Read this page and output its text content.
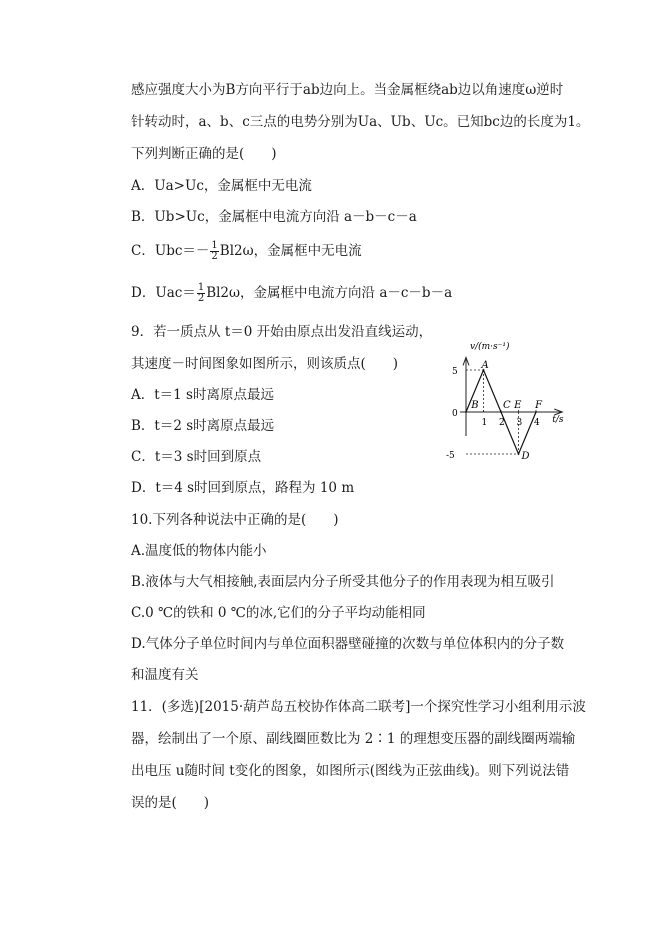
感应强度大小为B方向平行于ab边向上。当金属框绕ab边以角速度ω逆时
针转动时，a、b、c三点的电势分别为Ua、Ub、Uc。已知bc边的长度为1。
下列判断正确的是(　　)
A．Ua>Uc，金属框中无电流
B．Ub>Uc，金属框中电流方向沿 a－b－c－a
C．$Ubc=- \frac{1}{2} Bl2\omega$，金属框中无电流
D．$Uac= \frac{1}{2} Bl2\omega$，金属框中电流方向沿 a－c－b－a
9．若一质点从 t＝0 开始由原点出发沿直线运动，
其速度－时间图象如图所示，则该质点(　　)
A．t＝1 s时离原点最远
B．t＝2 s时离原点最远
C．t＝3 s时回到原点
D．t＝4 s时回到原点，路程为 10 m
10.下列各种说法中正确的是(　　)
A.温度低的物体内能小
B.液体与大气相接触,表面层内分子所受其他分子的作用表现为相互吸引
C.0 ℃的铁和 0 ℃的冰,它们的分子平均动能相同
D.气体分子单位时间内与单位面积器壁碰撞的次数与单位体积内的分子数
和温度有关
11．(多选)[2015·葫芦岛五校协作体高二联考]一个探究性学习小组利用示波
器，绘制出了一个原、副线圈匝数比为 2∶1 的理想变压器的副线圈两端输
出电压 u随时间 t变化的图象，如图所示(图线为正弦曲线)。则下列说法错
误的是(　　)
v/(m·s⁻¹)
t/s
5
0
-5
1 2 3 4
A
B C
D
E F
